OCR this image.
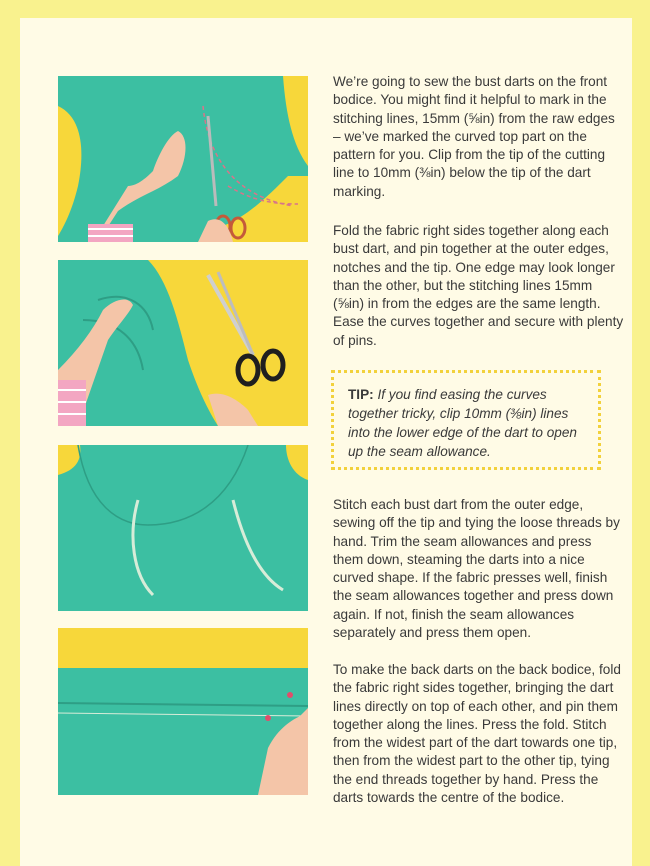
We’re going to sew the bust darts on the front bodice. You might find it helpful to mark in the stitching lines, 15mm (⅝in) from the raw edges – we’ve marked the curved top part on the pattern for you. Clip from the tip of the cutting line to 10mm (⅜in) below the tip of the dart marking.

Fold the fabric right sides together along each bust dart, and pin together at the outer edges, notches and the tip. One edge may look longer than the other, but the stitching lines 15mm (⅝in) in from the edges are the same length. Ease the curves together and secure with plenty of pins.

TIP: If you find easing the curves together tricky, clip 10mm (⅜in) lines into the lower edge of the dart to open up the seam allowance.

Stitch each bust dart from the outer edge, sewing off the tip and tying the loose threads by hand. Trim the seam allowances and press them down, steaming the darts into a nice curved shape. If the fabric presses well, finish the seam allowances together and press down again. If not, finish the seam allowances separately and press them open.

To make the back darts on the back bodice, fold the fabric right sides together, bringing the dart lines directly on top of each other, and pin them together along the lines. Press the fold. Stitch from the widest part of the dart towards one tip, then from the widest part to the other tip, tying the end threads together by hand. Press the darts towards the centre of the bodice.
